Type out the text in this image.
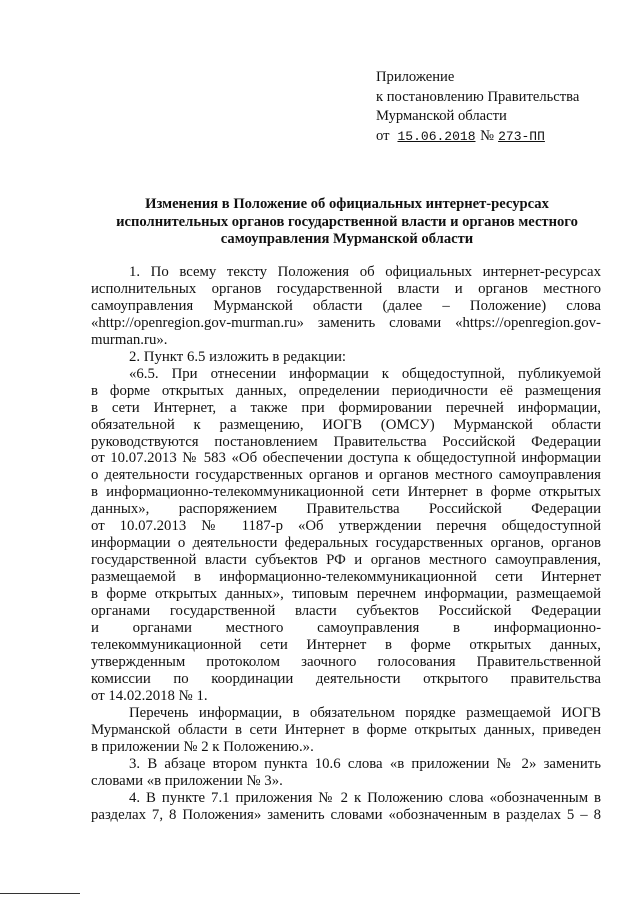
Приложение
к постановлению Правительства
Мурманской области
от 15.06.2018 № 273-ПП
Изменения в Положение об официальных интернет-ресурсах
исполнительных органов государственной власти и органов местного
самоуправления Мурманской области
1. По всему тексту Положения об официальных интернет-ресурсах
исполнительных органов государственной власти и органов местного
самоуправления Мурманской области (далее – Положение) слова
«http://openregion.gov-murman.ru» заменить словами «https://openregion.gov-
murman.ru».
2. Пункт 6.5 изложить в редакции:
«6.5. При отнесении информации к общедоступной, публикуемой
в форме открытых данных, определении периодичности её размещения
в сети Интернет, а также при формировании перечней информации,
обязательной к размещению, ИОГВ (ОМСУ) Мурманской области
руководствуются постановлением Правительства Российской Федерации
от 10.07.2013 № 583 «Об обеспечении доступа к общедоступной информации
о деятельности государственных органов и органов местного самоуправления
в информационно-телекоммуникационной сети Интернет в форме открытых
данных», распоряжением Правительства Российской Федерации
от 10.07.2013 № 1187-р «Об утверждении перечня общедоступной
информации о деятельности федеральных государственных органов, органов
государственной власти субъектов РФ и органов местного самоуправления,
размещаемой в информационно-телекоммуникационной сети Интернет
в форме открытых данных», типовым перечнем информации, размещаемой
органами государственной власти субъектов Российской Федерации
и органами местного самоуправления в информационно-
телекоммуникационной сети Интернет в форме открытых данных,
утвержденным протоколом заочного голосования Правительственной
комиссии по координации деятельности открытого правительства
от 14.02.2018 № 1.
Перечень информации, в обязательном порядке размещаемой ИОГВ
Мурманской области в сети Интернет в форме открытых данных, приведен
в приложении № 2 к Положению.».
3. В абзаце втором пункта 10.6 слова «в приложении № 2» заменить
словами «в приложении № 3».
4. В пункте 7.1 приложения № 2 к Положению слова «обозначенным в
разделах 7, 8 Положения» заменить словами «обозначенным в разделах 5 – 8
